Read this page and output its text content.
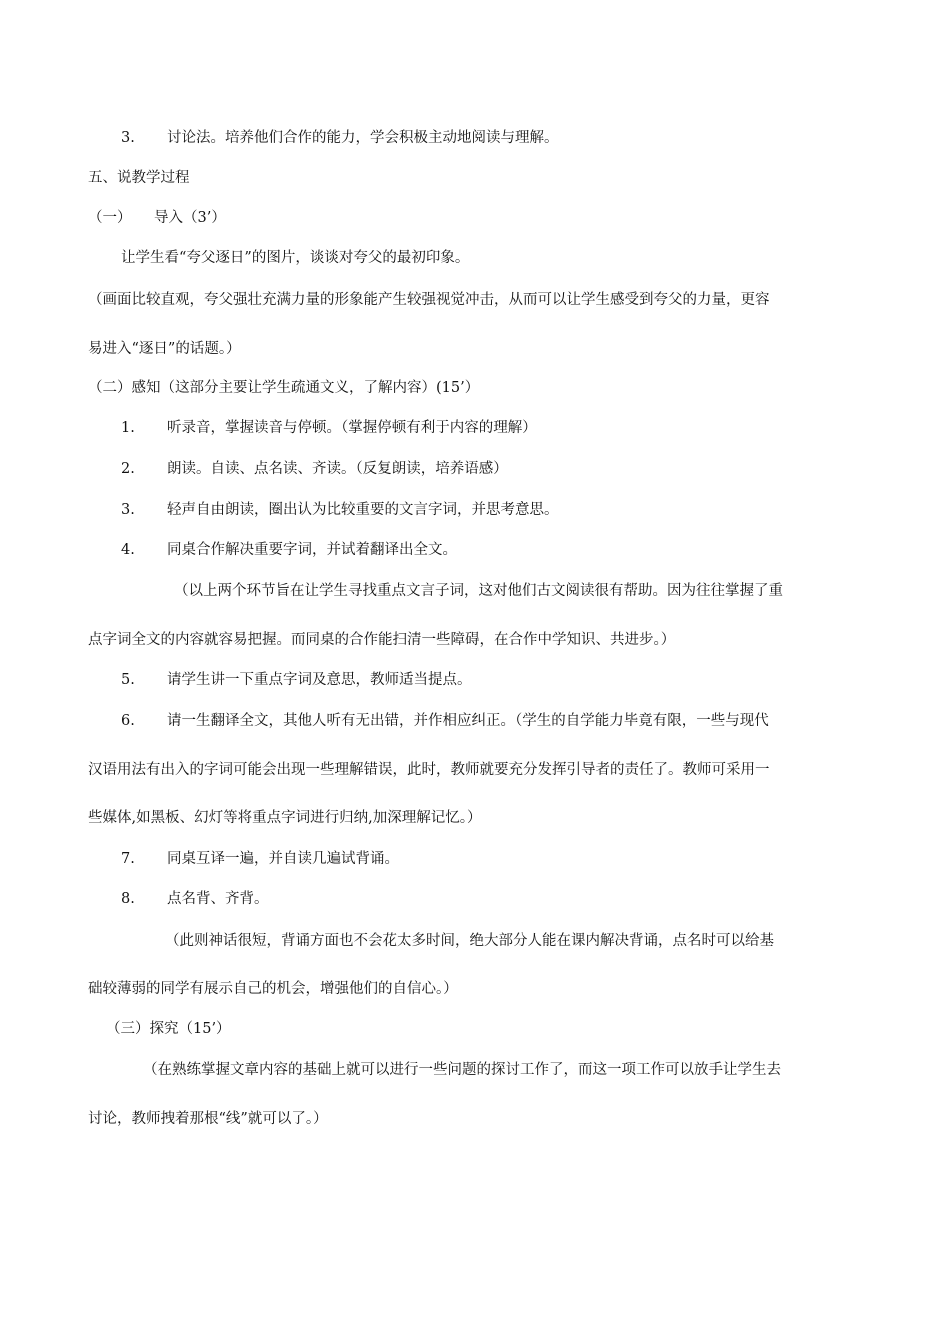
3. 讨论法。培养他们合作的能力，学会积极主动地阅读与理解。
五、说教学过程
（一） 导入（3’）
让学生看“夸父逐日”的图片，谈谈对夸父的最初印象。
（画面比较直观，夸父强壮充满力量的形象能产生较强视觉冲击，从而可以让学生感受到夸父的力量，更容
易进入“逐日”的话题。）
（二）感知（这部分主要让学生疏通文义，了解内容）(15’）
1. 听录音，掌握读音与停顿。（掌握停顿有利于内容的理解）
2. 朗读。自读、点名读、齐读。（反复朗读，培养语感）
3. 轻声自由朗读，圈出认为比较重要的文言字词，并思考意思。
4. 同桌合作解决重要字词，并试着翻译出全文。
（以上两个环节旨在让学生寻找重点文言子词，这对他们古文阅读很有帮助。因为往往掌握了重
点字词全文的内容就容易把握。而同桌的合作能扫清一些障碍，在合作中学知识、共进步。）
5. 请学生讲一下重点字词及意思，教师适当提点。
6. 请一生翻译全文，其他人听有无出错，并作相应纠正。（学生的自学能力毕竟有限，一些与现代
汉语用法有出入的字词可能会出现一些理解错误，此时，教师就要充分发挥引导者的责任了。教师可采用一
些媒体,如黑板、幻灯等将重点字词进行归纳,加深理解记忆。）
7. 同桌互译一遍，并自读几遍试背诵。
8. 点名背、齐背。
（此则神话很短，背诵方面也不会花太多时间，绝大部分人能在课内解决背诵，点名时可以给基
础较薄弱的同学有展示自己的机会，增强他们的自信心。）
（三）探究（15’）
（在熟练掌握文章内容的基础上就可以进行一些问题的探讨工作了，而这一项工作可以放手让学生去
讨论，教师拽着那根“线”就可以了。）
